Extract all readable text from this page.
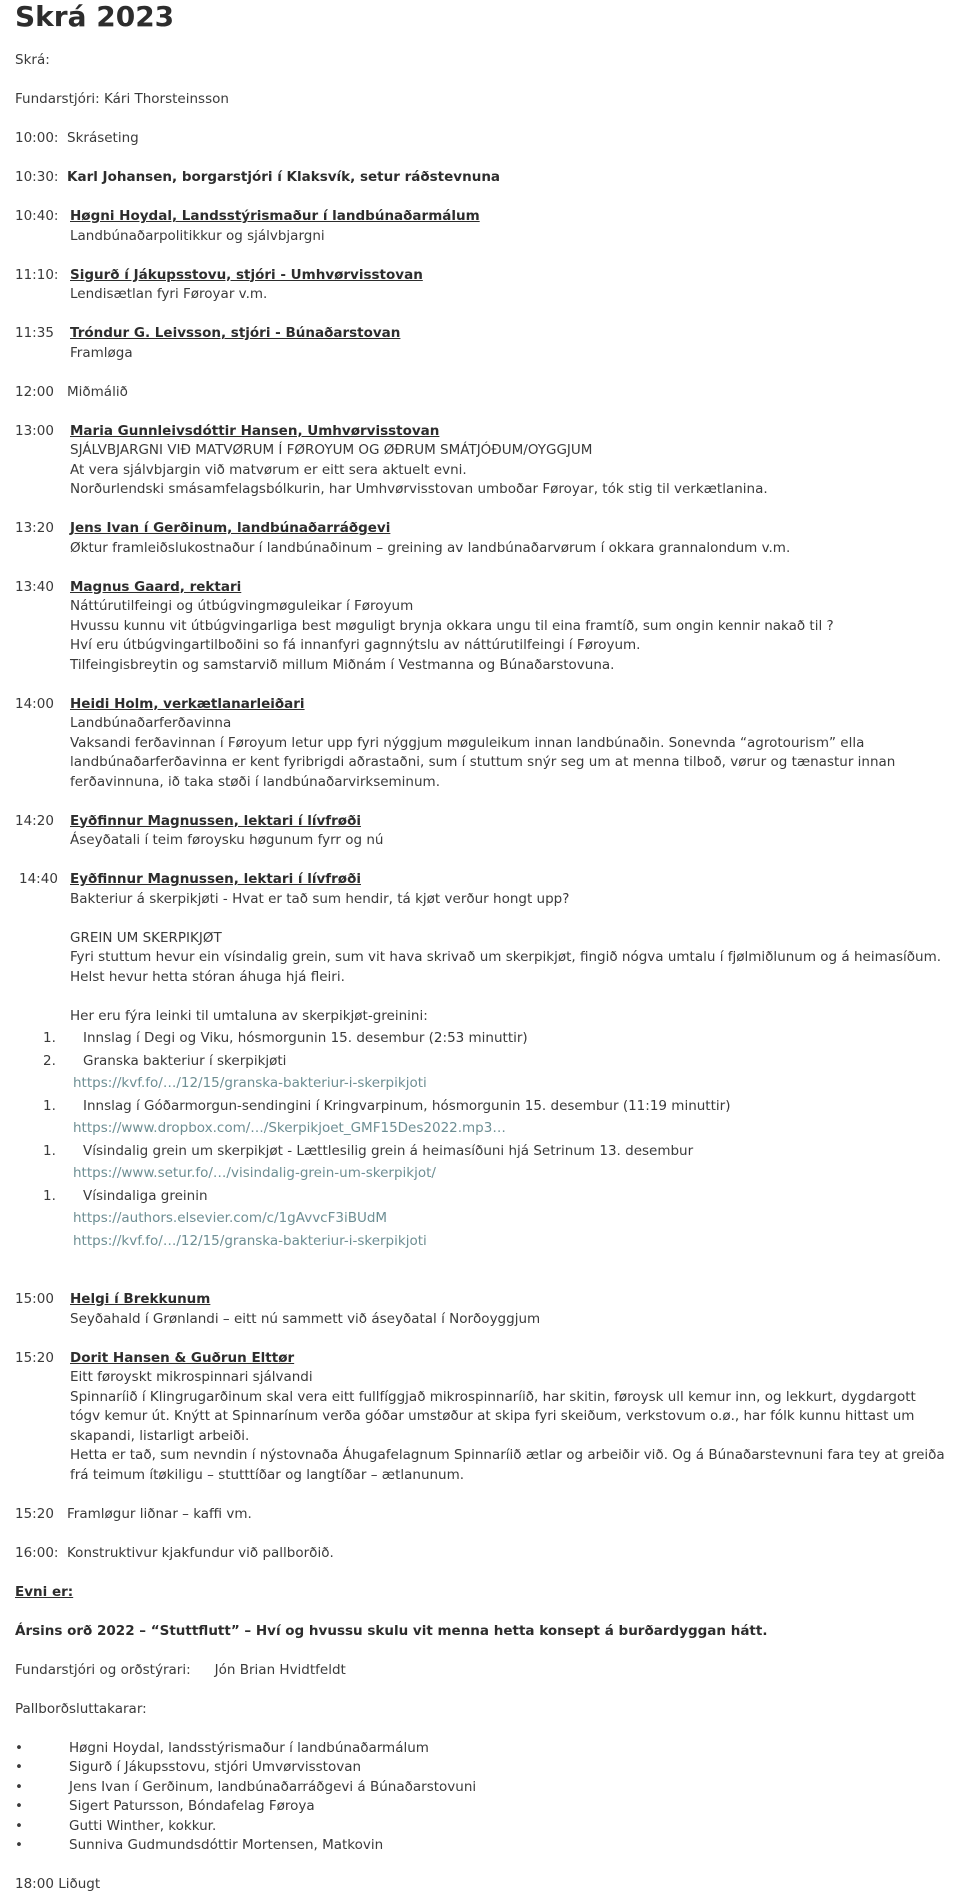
Skrá 2023

Skrá:

Fundarstjóri: Kári Thorsteinsson

10:00: Skráseting
10:30: Karl Johansen, borgarstjóri í Klaksvík, setur ráðstevnuna
10:40: Høgni Hoydal, Landsstýrismaður í landbúnaðarmálum
Landbúnaðarpolitikkur og sjálvbjargni
11:10: Sigurð í Jákupsstovu, stjóri - Umhvørvisstovan
Lendisætlan fyri Føroyar v.m.
11:35	Tróndur G. Leivsson, stjóri - Búnaðarstovan
Framløga
12:00 Miðmálið
13:00	Maria Gunnleivsdóttir Hansen, Umhvørvisstovan
SJÁLVBJARGNI VIÐ MATVØRUM Í FØROYUM OG ØÐRUM SMÁTJÓÐUM/OYGGJUM
At vera sjálvbjargin við matvørum er eitt sera aktuelt evni.
Norðurlendski smásamfelagsbólkurin, har Umhvørvisstovan umboðar Føroyar, tók stig til verkætlanina.
13:20	Jens Ivan í Gerðinum, landbúnaðarráðgevi
Øktur framleiðslukostnaður í landbúnaðinum – greining av landbúnaðarvørum í okkara grannalondum v.m.
13:40	Magnus Gaard, rektari
Náttúrutilfeingi og útbúgvingmøguleikar í Føroyum
Hvussu kunnu vit útbúgvingarliga best møguligt brynja okkara ungu til eina framtíð, sum ongin kennir nakað til ?
Hví eru útbúgvingartilboðini so fá innanfyri gagnnýtslu av náttúrutilfeingi í Føroyum.
Tilfeingisbreytin og samstarvið millum Miðnám í Vestmanna og Búnaðarstovuna.
14:00	Heidi Holm, verkætlanarleiðari
Landbúnaðarferðavinna
Vaksandi ferðavinnan í Føroyum letur upp fyri nýggjum møguleikum innan landbúnaðin. Sonevnda “agrotourism” ella landbúnaðarferðavinna er kent fyribrigdi aðrastaðni, sum í stuttum snýr seg um at menna tilboð, vørur og tænastur innan ferðavinnuna, ið taka støði í landbúnaðarvirkseminum.
14:20	Eyðfinnur Magnussen, lektari í lívfrøði
Áseyðatali í teim føroysku høgunum fyrr og nú
14:40 Eyðfinnur Magnussen, lektari í lívfrøði
Bakteriur á skerpikjøti - Hvat er tað sum hendir, tá kjøt verður hongt upp?
GREIN UM SKERPIKJØT
Fyri stuttum hevur ein vísindalig grein, sum vit hava skrivað um skerpikjøt, fingið nógva umtalu í fjølmiðlunum og á heimasíðum. Helst hevur hetta stóran áhuga hjá fleiri.
Her eru fýra leinki til umtaluna av skerpikjøt-greinini:
1.	Innslag í Degi og Viku, hósmorgunin 15. desembur (2:53 minuttir)
2.	Granska bakteriur í skerpikjøti
https://kvf.fo/…/12/15/granska-bakteriur-i-skerpikjoti
1.	Innslag í Góðarmorgun-sendingini í Kringvarpinum, hósmorgunin 15. desembur (11:19 minuttir)
https://www.dropbox.com/…/Skerpikjoet_GMF15Des2022.mp3…
1.	Vísindalig grein um skerpikjøt - Lættlesilig grein á heimasíðuni hjá Setrinum 13. desembur
https://www.setur.fo/…/visindalig-grein-um-skerpikjot/
1.	Vísindaliga greinin
https://authors.elsevier.com/c/1gAvvcF3iBUdM
https://kvf.fo/…/12/15/granska-bakteriur-i-skerpikjoti
15:00	Helgi í Brekkunum
Seyðahald í Grønlandi – eitt nú sammett við áseyðatal í Norðoyggjum
15:20	Dorit Hansen & Guðrun Elttør
Eitt føroyskt mikrospinnari sjálvandi
Spinnaríið í Klingrugarðinum skal vera eitt fullfíggjað mikrospinnaríið, har skitin, føroysk ull kemur inn, og lekkurt, dygdargott tógv kemur út. Knýtt at Spinnarínum verða góðar umstøður at skipa fyri skeiðum, verkstovum o.ø., har fólk kunnu hittast um skapandi, listarligt arbeiði.
Hetta er tað, sum nevndin í nýstovnaða Áhugafelagnum Spinnaríið ætlar og arbeiðir við. Og á Búnaðarstevnuni fara tey at greiða frá teimum ítøkiligu – stutttíðar og langtíðar – ætlanunum.
15:20 Framløgur liðnar – kaffi vm.
16:00: Konstruktivur kjakfundur við pallborðið.

Evni er:

Ársins orð 2022 – “Stuttflutt” – Hví og hvussu skulu vit menna hetta konsept á burðardyggan hátt.

Fundarstjóri og orðstýrari: Jón Brian Hvidtfeldt

Pallborðsluttakarar:

•	Høgni Hoydal, landsstýrismaður í landbúnaðarmálum
•	Sigurð í Jákupsstovu, stjóri Umvørvisstovan
•	Jens Ivan í Gerðinum, landbúnaðarráðgevi á Búnaðarstovuni
•	Sigert Patursson, Bóndafelag Føroya
•	Gutti Winther, kokkur.
•	Sunniva Gudmundsdóttir Mortensen, Matkovin

18:00 Liðugt
